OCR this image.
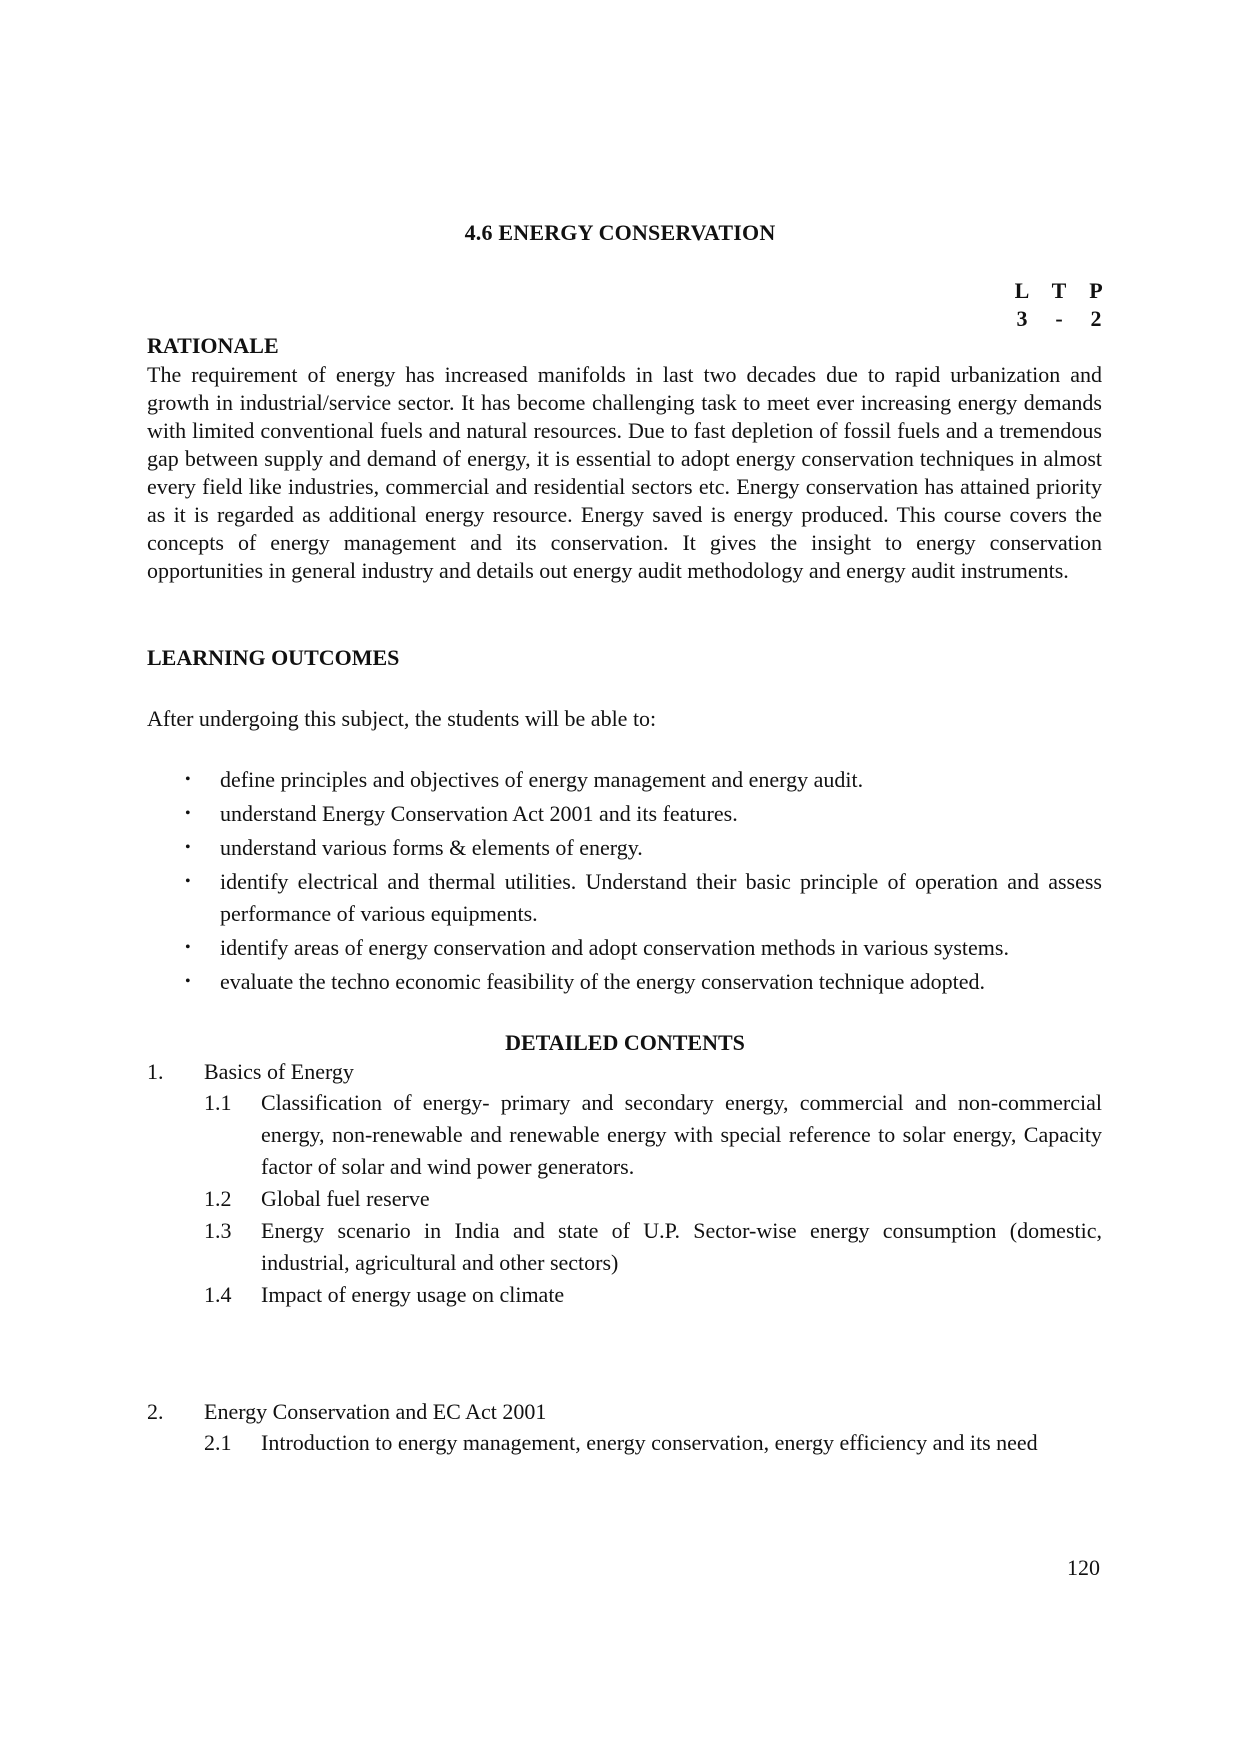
4.6 ENERGY CONSERVATION
L T P
3	-	2
RATIONALE
The requirement of energy has increased manifolds in last two decades due to rapid urbanization and growth in industrial/service sector. It has become challenging task to meet ever increasing energy demands with limited conventional fuels and natural resources. Due to fast depletion of fossil fuels and a tremendous gap between supply and demand of energy, it is essential to adopt energy conservation techniques in almost every field like industries, commercial and residential sectors etc. Energy conservation has attained priority as it is regarded as additional energy resource. Energy saved is energy produced. This course covers the concepts of energy management and its conservation. It gives the insight to energy conservation opportunities in general industry and details out energy audit methodology and energy audit instruments.
LEARNING OUTCOMES
After undergoing this subject, the students will be able to:
• define principles and objectives of energy management and energy audit.
• understand Energy Conservation Act 2001 and its features.
• understand various forms & elements of energy.
• identify electrical and thermal utilities. Understand their basic principle of operation and assess performance of various equipments.
• identify areas of energy conservation and adopt conservation methods in various systems.
• evaluate the techno economic feasibility of the energy conservation technique adopted.
DETAILED CONTENTS
1.	Basics of Energy
1.1	Classification of energy- primary and secondary energy, commercial and non-commercial energy, non-renewable and renewable energy with special reference to solar energy, Capacity factor of solar and wind power generators.
1.2	Global fuel reserve
1.3	Energy scenario in India and state of U.P. Sector-wise energy consumption (domestic, industrial, agricultural and other sectors)
1.4	Impact of energy usage on climate
2.	Energy Conservation and EC Act 2001
2.1	Introduction to energy management, energy conservation, energy efficiency and its need
120
